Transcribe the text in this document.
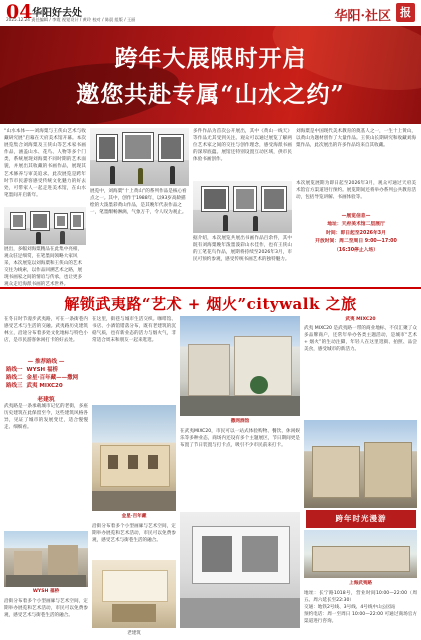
04 华阳好去处
2025.12.24 责任编辑 / 李霞 视觉设计 / 黄玲 校对 / 陈晨 组版 / 王丽	华阳·社区 报
跨年大展限时开启
邀您共赴专属“山水之约”
“山水本体——刘海粟与王侠山艺术与收藏研究展”启幕在天府美术馆开幕。本次展览集合刘海粟及王侠山等艺术家书画作品，涵盖山水、花鸟、人物等多个门类，系统展现刘海粟不同时期的艺术面貌，并展出其收藏的书画作品，展现其艺术修养与审美追求。此次展览是跨年时节市民游客感受传统文化魅力的好去处，可带家人一起走进美术馆，在山水笔墨间开启新年。
展出，多幅刘海粟精品在此集中亮相，观众驻足细赏，在笔墨间领略大家风采，本次展览以刘海粟和王侠山的艺术交往为线索，以作品回溯艺术之路，展现书画家之间的情谊与传承，也让更多观众走近海派书画的艺术世界。
展览中，刘海粟“十上黄山”的系列作品是核心看点之一。其中，创作于1988年，以93岁高龄描绘的大泼墨彩黄山作品，是其晚年代表作品之一，笔墨酣畅淋漓，气象万千，令人叹为观止。
多件作品为首次公开展出，其中《黄山一线天》等作品尤其受到关注。观众可以通过展览了解两位艺术家之间的交往与创作理念，感受海派书画的深厚底蕴。展馆还特别设置互动区域，供市民体验书画创作。
据介绍，本次展览共展出书画作品百余件，其中既有刘海粟晚年泼墨泼彩山水佳作，也有王侠山的工笔花鸟作品，展期将持续至2026年3月，市民可预约参观，感受传统书画艺术的独特魅力。
刘海粟是中国现代美术教育的奠基人之一，一生十上黄山，以黄山为题材创作了大量作品。王侠山长期研究和收藏刘海粟作品，此次展出的许多作品均来自其收藏。
本次展览展期为即日起至2026年3月，观众可通过天府美术馆官方渠道进行预约。展览期间还将举办系列公共教育活动，包括导览讲解、书画体验等。
—展览信息—
地址：天府美术馆二层展厅
时间：即日起至2026年3月
开放时间：周二至周日 9:00—17:00
（16:30停止入场）
解锁武夷路“艺术 + 烟火”citywalk 之旅
在冬日时节漫步武夷路，可在一条街巷内感受艺术与生活的交融。武夷路历史建筑林立，沿途分布着多处文化地标与特色小店，是市民游客休闲打卡的好去处。
— 推荐路线 —
路线一 WYSH 福桥
路线二 金星·百年藏——撒网
路线三 武夷 MIXC20
老建筑
武夷路是一条承载城市记忆的老街，多座历史建筑在此保留至今，这些建筑风格各异，见证了城市的发展变迁，适合慢慢走、细细看。
WYSH 福桥
沿街分布着多个小型画廊与艺术空间，定期举办展览和艺术活动，市民可以免费参观，感受艺术与街巷生活的融合。
在这里，街巷与城市生活交织。咖啡馆、书店、小酒馆错落分布，既有老建筑的沉稳气质，也有新业态的活力与烟火气，非常适合周末和朋友一起来逛逛。
金星·百年藏
沿街分布着多个小型画廊与艺术空间，定期举办展览和艺术活动，市民可以免费参观，感受艺术与街巷生活的融合。
老建筑
撒网酒馆
在武夷MIXC20，市民可以一站式体验购物、餐饮、休闲娱乐等多种业态，商场内还设有多个主题展区，节日期间更是布置了节日装置与打卡点，吸引不少市民前来打卡。
武夷 MIXC20
武夷 MIXC20 是武夷路一带的商业地标，不仅汇聚了众多品牌商户，还常年举办各类主题活动，是城市“艺术 + 烟火”的生动注脚，年轻人在这里逛街、拍照、品尝美食，感受城市的新活力。
跨年时光漫游
上海武夷路
地址：长宁路1018号，营业时间10:00—22:00（周五、周六延长至22:30）
交通：地铁2号线、3号线、4号线中山公园站
预约电话：周一至周日 10:00—22:00 可通过商场官方渠道进行咨询。
